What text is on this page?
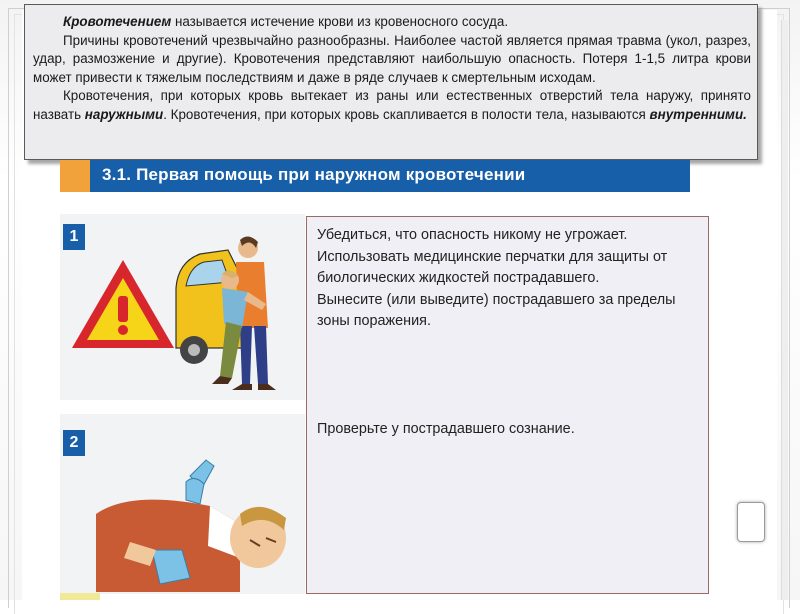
Кровотечением называется истечение крови из кровеносного сосуда.

Причины кровотечений чрезвычайно разнообразны. Наиболее частой является прямая травма (укол, разрез, удар, размозжение и другие). Кровотечения представляют наибольшую опасность. Потеря 1-1,5 литра крови может привести к тяжелым последствиям и даже в ряде случаев к смертельным исходам.

Кровотечения, при которых кровь вытекает из раны или естественных отверстий тела наружу, принято назвать наружными. Кровотечения, при которых кровь скапливается в полости тела, называются внутренними.

3.1. Первая помощь при наружном кровотечении
1
2

Убедиться, что опасность никому не угрожает.

Использовать медицинские перчатки для защиты от биологических жидкостей пострадавшего.

Вынесите (или выведите) пострадавшего за пределы зоны поражения.

Проверьте у пострадавшего сознание.
